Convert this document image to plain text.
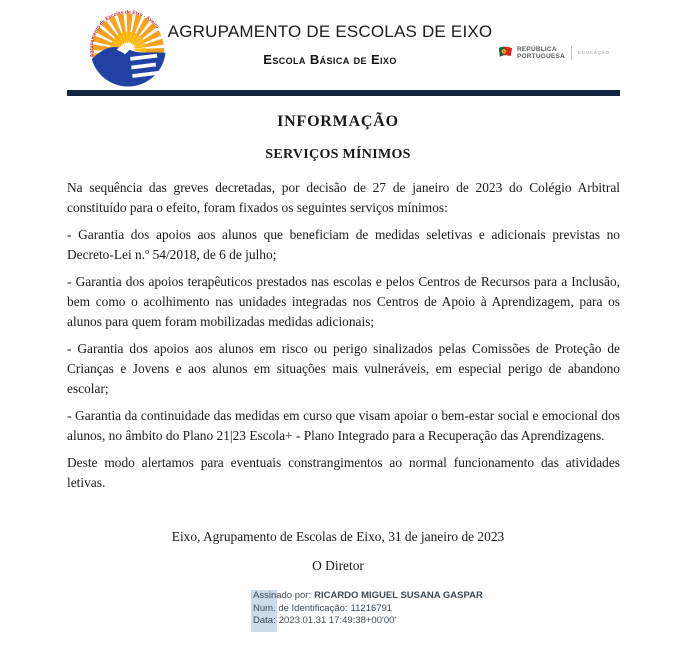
Agrupamento de Escolas de Eixo - Aveiro AGRUPAMENTO DE ESCOLAS DE EIXO
Escola Básica de Eixo
REPÚBLICA
PORTUGUESA	EDUCAÇÃO
INFORMAÇÃO
SERVIÇOS MÍNIMOS

Na sequência das greves decretadas, por decisão de 27 de janeiro de 2023 do Colégio Arbitral constituído para o efeito, foram fixados os seguintes serviços mínimos:

- Garantia dos apoios aos alunos que beneficiam de medidas seletivas e adicionais previstas no Decreto-Lei n.º 54/2018, de 6 de julho;

- Garantia dos apoios terapêuticos prestados nas escolas e pelos Centros de Recursos para a Inclusão, bem como o acolhimento nas unidades integradas nos Centros de Apoio à Aprendizagem, para os alunos para quem foram mobilizadas medidas adicionais;

- Garantia dos apoios aos alunos em risco ou perigo sinalizados pelas Comissões de Proteção de Crianças e Jovens e aos alunos em situações mais vulneráveis, em especial perigo de abandono escolar;

- Garantia da continuidade das medidas em curso que visam apoiar o bem-estar social e emocional dos alunos, no âmbito do Plano 21|23 Escola+ - Plano Integrado para a Recuperação das Aprendizagens.

Deste modo alertamos para eventuais constrangimentos ao normal funcionamento das atividades letivas.

Eixo, Agrupamento de Escolas de Eixo, 31 de janeiro de 2023
O Diretor
Assinado por: RICARDO MIGUEL SUSANA GASPAR
Num. de Identificação: 11216791
Data: 2023.01.31 17:49:38+00'00'
